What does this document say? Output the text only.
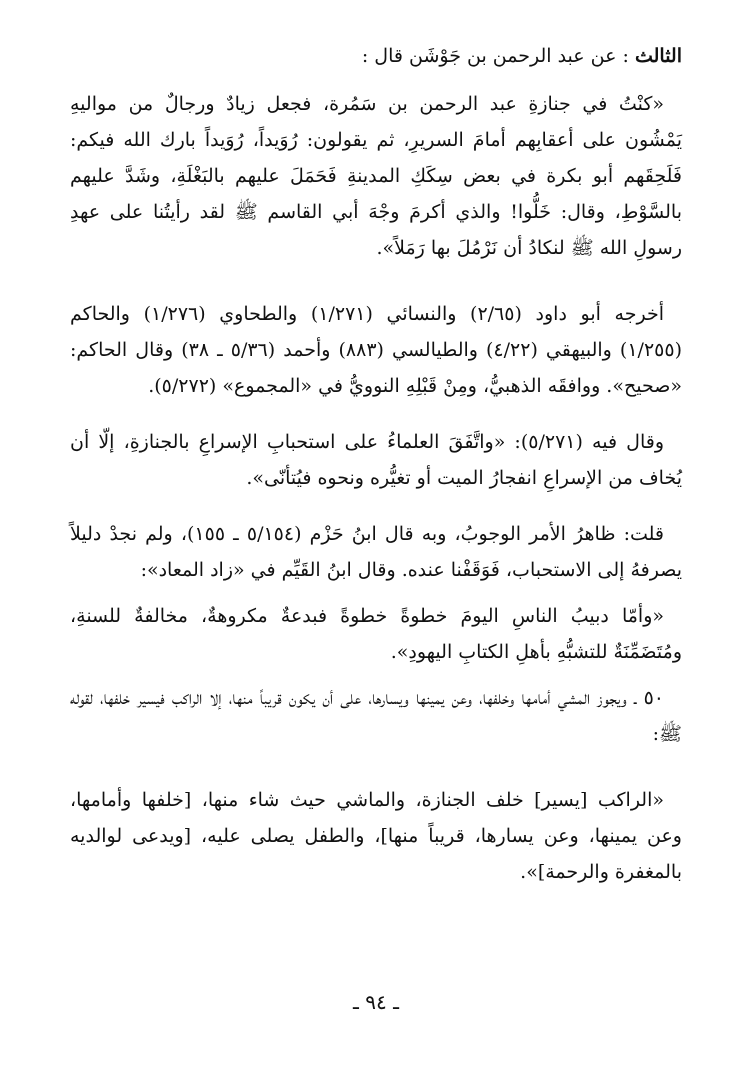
الثالث : عن عبد الرحمن بن جَوْشَن قال :

«كنْتُ في جنازةِ عبد الرحمن بن سَمُرة، فجعل زيادٌ ورجالٌ من مواليهِ يَمْشُون على أعقابِهم أمامَ السريرِ، ثم يقولون: رُوَيداً، رُوَيداً بارك الله فيكم: فَلَحِقَهم أبو بكرة في بعض سِكَكِ المدينةِ فَحَمَلَ عليهم بالبَغْلَةِ، وشَدَّ عليهم بالسَّوْطِ، وقال: خَلُّوا! والذي أكرمَ وجْهَ أبي القاسم ﷺ لقد رأيتُنا على عهدِ رسولِ الله ﷺ لنكادُ أن نَرْمُلَ بها رَمَلاً».

أخرجه أبو داود (٢/٦٥) والنسائي (١/٢٧١) والطحاوي (١/٢٧٦) والحاكم (١/٢٥٥) والبيهقي (٤/٢٢) والطيالسي (٨٨٣) وأحمد (٥/٣٦ ـ ٣٨) وقال الحاكم: «صحيح». ووافقَه الذهبيُّ، ومِنْ قَبْلِهِ النوويُّ في «المجموع» (٥/٢٧٢).

وقال فيه (٥/٢٧١): «واتَّفَقَ العلماءُ على استحبابِ الإسراعِ بالجنازةِ، إلّا أن يُخاف من الإسراعِ انفجارُ الميت أو تغيُّره ونحوه فيُتأنّى».

قلت: ظاهرُ الأمر الوجوبُ، وبه قال ابنُ حَزْم (٥/١٥٤ ـ ١٥٥)، ولم نجدْ دليلاً يصرفهُ إلى الاستحباب، فَوَقَفْنا عنده. وقال ابنُ القَيِّم في «زاد المعاد»:

«وأمّا دبيبُ الناسِ اليومَ خطوةً خطوةً فبدعةٌ مكروهةٌ، مخالفةٌ للسنةِ، ومُتَضَمِّنَةٌ للتشبُّهِ بأهلِ الكتابِ اليهودِ».

٥٠ ـ ويجوز المشي أمامها وخلفها، وعن يمينها ويسارها، على أن يكون قريباً منها، إلا الراكب فيسير خلفها، لقوله ﷺ:

«الراكب [يسير] خلف الجنازة، والماشي حيث شاء منها، [خلفها وأمامها، وعن يمينها، وعن يسارها، قريباً منها]، والطفل يصلى عليه، [ويدعى لوالديه بالمغفرة والرحمة]».

ـ ٩٤ ـ
